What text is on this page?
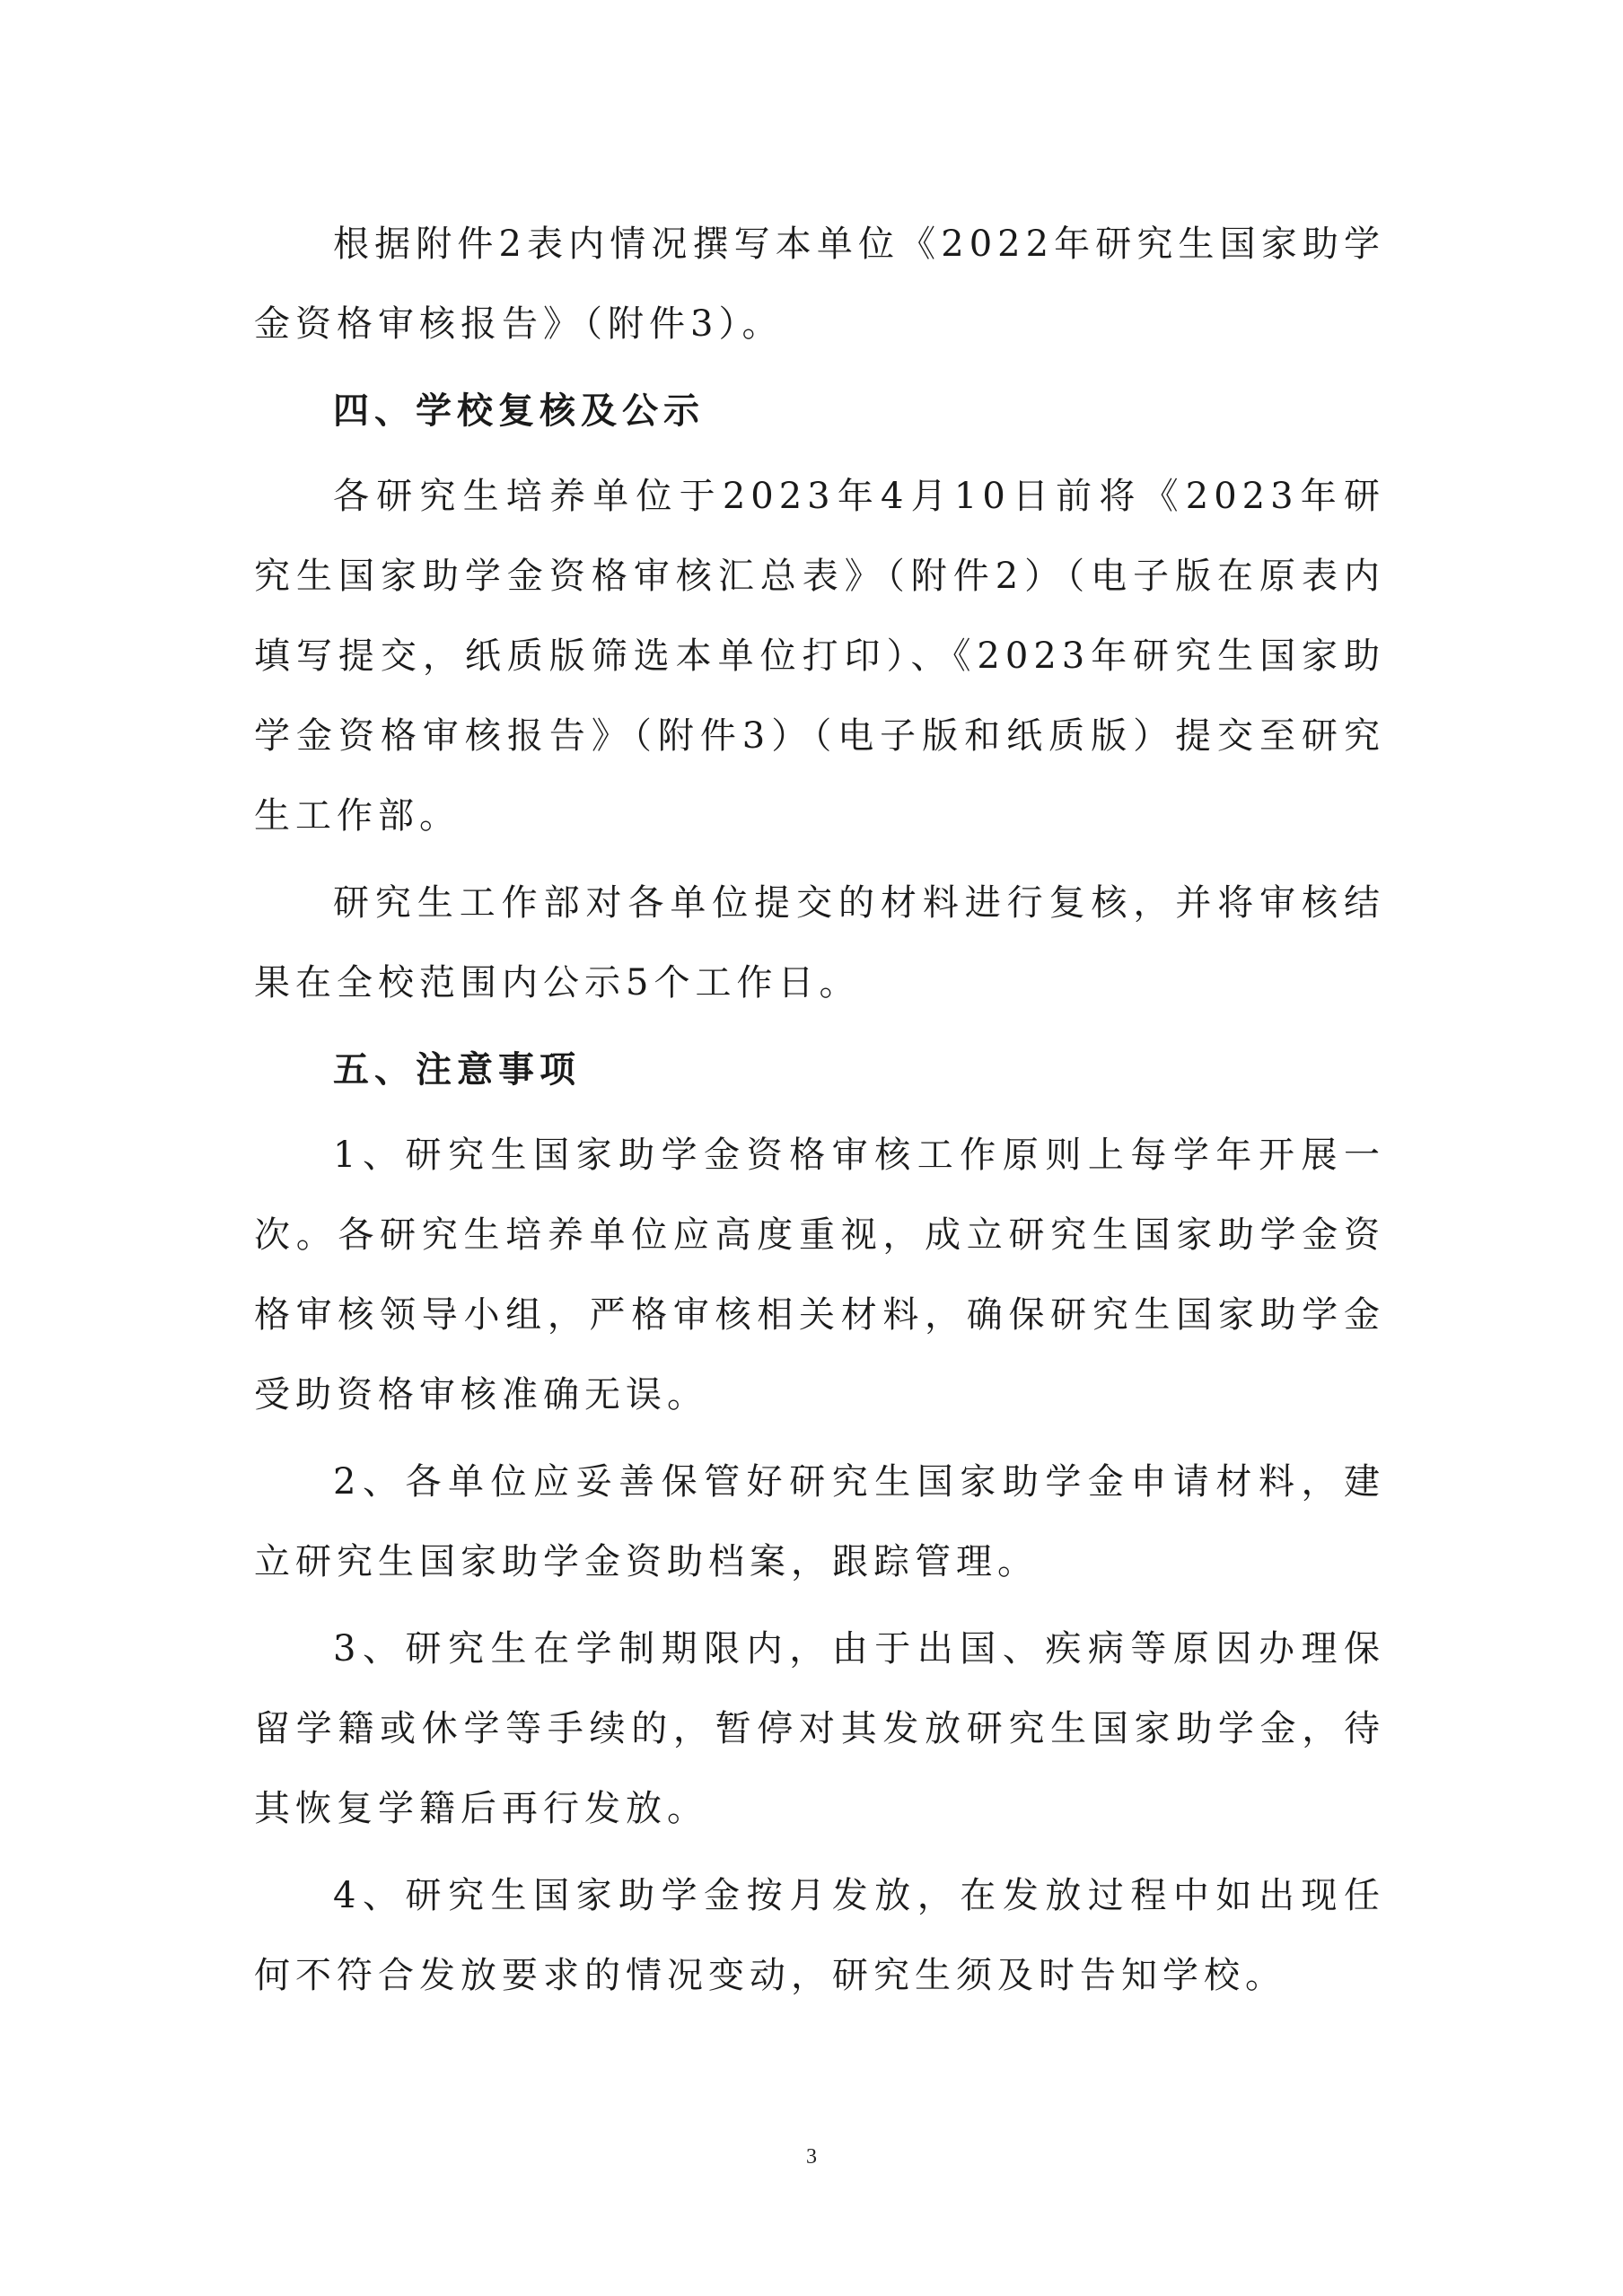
根据附件2表内情况撰写本单位《2022年研究生国家助学金资格审核报告》（附件3）。

四、学校复核及公示

各研究生培养单位于2023年4月10日前将《2023年研究生国家助学金资格审核汇总表》（附件2）（电子版在原表内填写提交，纸质版筛选本单位打印）、《2023年研究生国家助学金资格审核报告》（附件3）（电子版和纸质版）提交至研究生工作部。

研究生工作部对各单位提交的材料进行复核，并将审核结果在全校范围内公示5个工作日。

五、注意事项

1、研究生国家助学金资格审核工作原则上每学年开展一次。各研究生培养单位应高度重视，成立研究生国家助学金资格审核领导小组，严格审核相关材料，确保研究生国家助学金受助资格审核准确无误。

2、各单位应妥善保管好研究生国家助学金申请材料，建立研究生国家助学金资助档案，跟踪管理。

3、研究生在学制期限内，由于出国、疾病等原因办理保留学籍或休学等手续的，暂停对其发放研究生国家助学金，待其恢复学籍后再行发放。

4、研究生国家助学金按月发放，在发放过程中如出现任何不符合发放要求的情况变动，研究生须及时告知学校。

3
